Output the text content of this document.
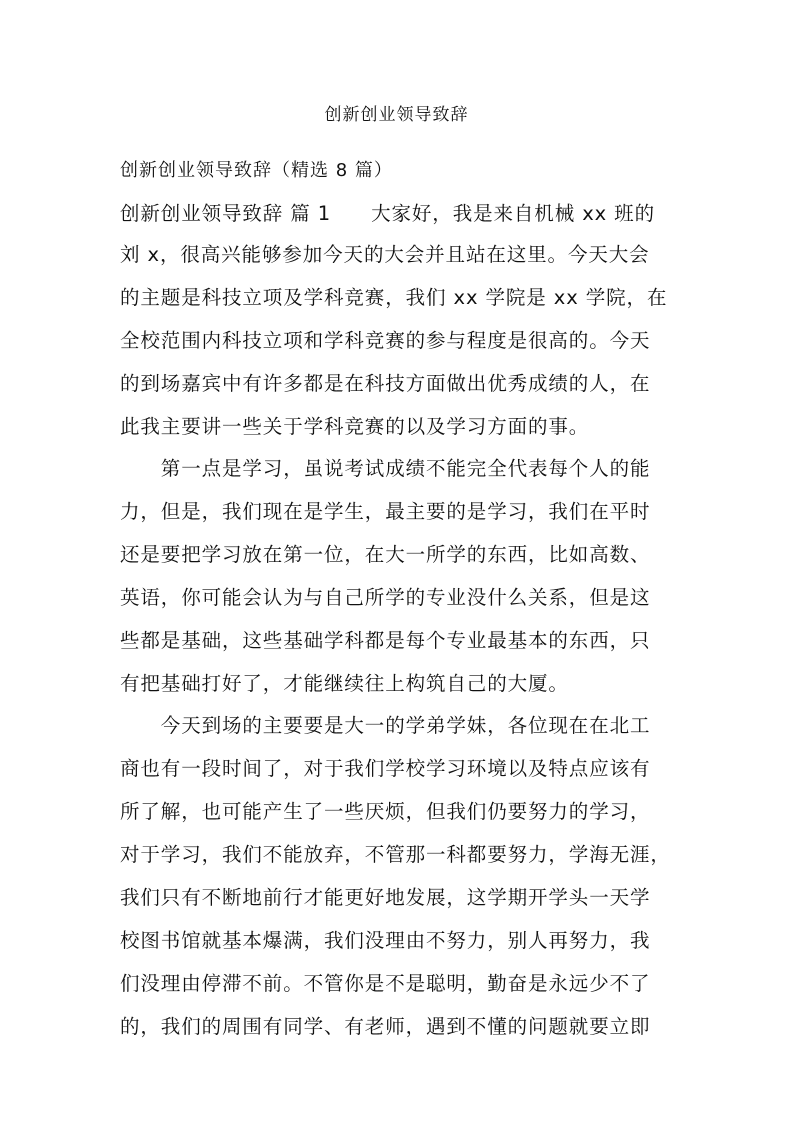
创新创业领导致辞
创新创业领导致辞（精选 8 篇）
创新创业领导致辞 篇 1 大家好，我是来自机械 xx 班的
刘 x，很高兴能够参加今天的大会并且站在这里。今天大会
的主题是科技立项及学科竞赛，我们 xx 学院是 xx 学院，在
全校范围内科技立项和学科竞赛的参与程度是很高的。今天
的到场嘉宾中有许多都是在科技方面做出优秀成绩的人，在
此我主要讲一些关于学科竞赛的以及学习方面的事。
　　第一点是学习，虽说考试成绩不能完全代表每个人的能
力，但是，我们现在是学生，最主要的是学习，我们在平时
还是要把学习放在第一位，在大一所学的东西，比如高数、
英语，你可能会认为与自己所学的专业没什么关系，但是这
些都是基础，这些基础学科都是每个专业最基本的东西，只
有把基础打好了，才能继续往上构筑自己的大厦。
　　今天到场的主要要是大一的学弟学妹，各位现在在北工
商也有一段时间了，对于我们学校学习环境以及特点应该有
所了解，也可能产生了一些厌烦，但我们仍要努力的学习，
对于学习，我们不能放弃，不管那一科都要努力，学海无涯，
我们只有不断地前行才能更好地发展，这学期开学头一天学
校图书馆就基本爆满，我们没理由不努力，别人再努力，我
们没理由停滞不前。不管你是不是聪明，勤奋是永远少不了
的，我们的周围有同学、有老师，遇到不懂的问题就要立即
